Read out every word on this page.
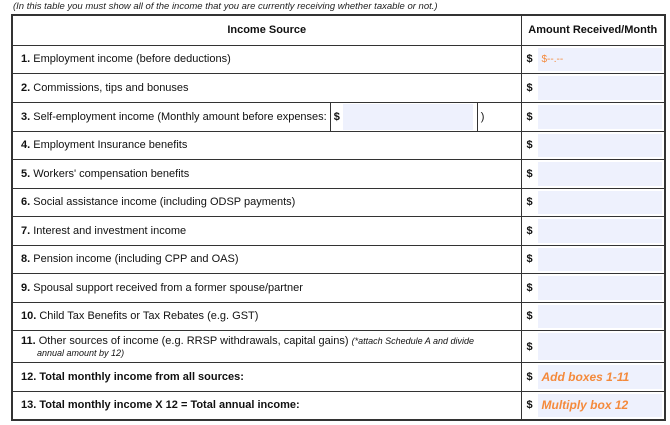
(In this table you must show all of the income that you are currently receiving whether taxable or not.)
Income Source	Amount Received/Month
1. Employment income (before deductions)	$ $--.--

2. Commissions, tips and bonuses	$

3.
Self-employment income (Monthly amount before expenses: $ )	$

4. Employment Insurance benefits	$

5. Workers' compensation benefits	$

6. Social assistance income (including ODSP payments)	$

7. Interest and investment income	$

8. Pension income (including CPP and OAS)	$

9. Spousal support received from a former spouse/partner	$

10. Child Tax Benefits or Tax Rebates (e.g. GST)	$

11. Other sources of income (e.g. RRSP withdrawals, capital gains) (*attach Schedule A and divide
annual amount by 12)	$

12. Total monthly income from all sources:	$ Add boxes 1-11

13. Total monthly income X 12 = Total annual income:	$ Multiply box 12
